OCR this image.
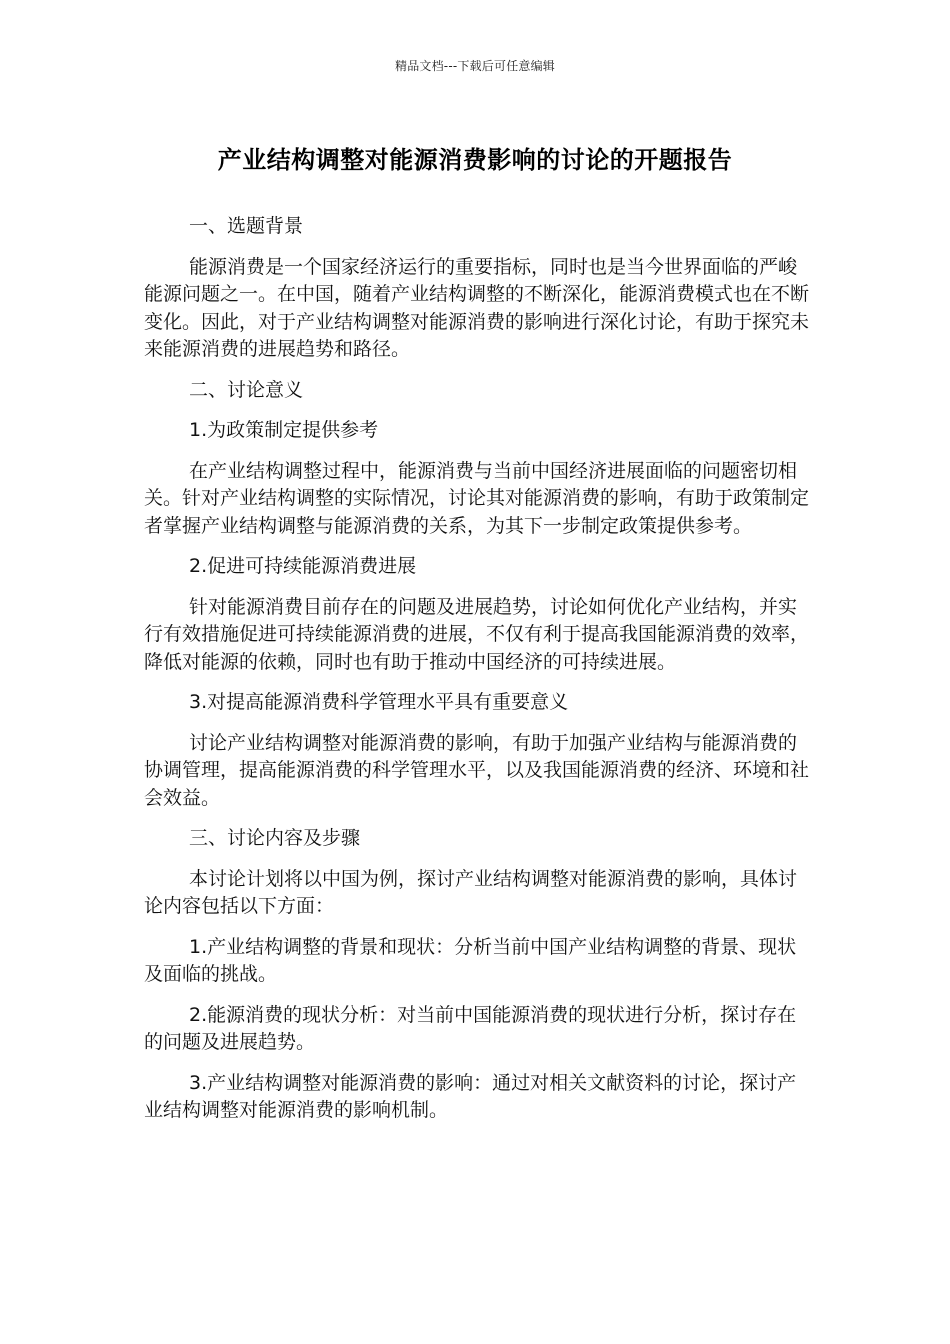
精品文档---下载后可任意编辑
产业结构调整对能源消费影响的讨论的开题报告

一、选题背景

能源消费是一个国家经济运行的重要指标，同时也是当今世界面临的严峻能源问题之一。在中国，随着产业结构调整的不断深化，能源消费模式也在不断变化。因此，对于产业结构调整对能源消费的影响进行深化讨论，有助于探究未来能源消费的进展趋势和路径。

二、讨论意义

1.为政策制定提供参考

在产业结构调整过程中，能源消费与当前中国经济进展面临的问题密切相关。针对产业结构调整的实际情况，讨论其对能源消费的影响，有助于政策制定者掌握产业结构调整与能源消费的关系，为其下一步制定政策提供参考。

2.促进可持续能源消费进展

针对能源消费目前存在的问题及进展趋势，讨论如何优化产业结构，并实行有效措施促进可持续能源消费的进展，不仅有利于提高我国能源消费的效率，降低对能源的依赖，同时也有助于推动中国经济的可持续进展。

3.对提高能源消费科学管理水平具有重要意义

讨论产业结构调整对能源消费的影响，有助于加强产业结构与能源消费的协调管理，提高能源消费的科学管理水平，以及我国能源消费的经济、环境和社会效益。

三、讨论内容及步骤

本讨论计划将以中国为例，探讨产业结构调整对能源消费的影响，具体讨论内容包括以下方面：

1.产业结构调整的背景和现状：分析当前中国产业结构调整的背景、现状及面临的挑战。

2.能源消费的现状分析：对当前中国能源消费的现状进行分析，探讨存在的问题及进展趋势。

3.产业结构调整对能源消费的影响：通过对相关文献资料的讨论，探讨产业结构调整对能源消费的影响机制。
